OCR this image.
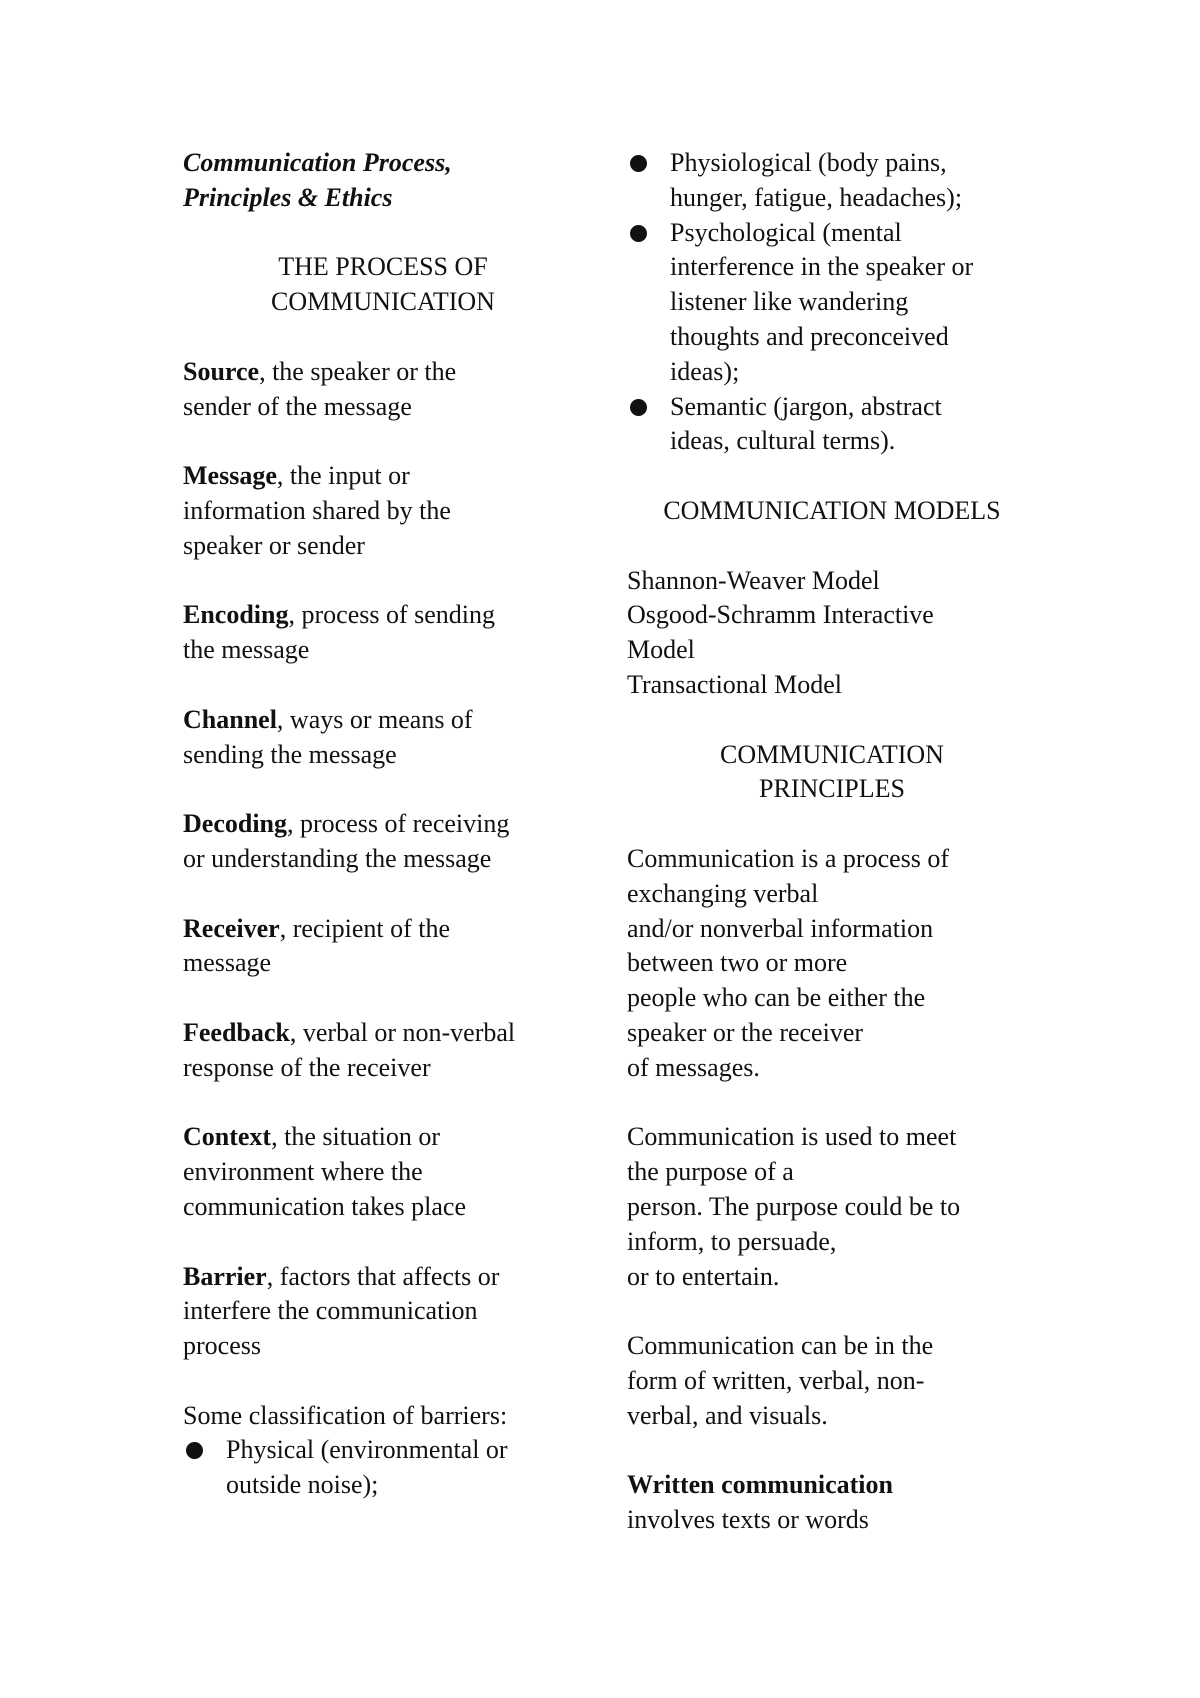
Communication Process,
Principles & Ethics
THE PROCESS OF
COMMUNICATION
Source, the speaker or the
sender of the message
Message, the input or
information shared by the
speaker or sender
Encoding, process of sending
the message
Channel, ways or means of
sending the message
Decoding, process of receiving
or understanding the message
Receiver, recipient of the
message
Feedback, verbal or non-verbal
response of the receiver
Context, the situation or
environment where the
communication takes place
Barrier, factors that affects or
interfere the communication
process
Some classification of barriers:
Physical (environmental or
outside noise);
Physiological (body pains,
hunger, fatigue, headaches);
Psychological (mental
interference in the speaker or
listener like wandering
thoughts and preconceived
ideas);
Semantic (jargon, abstract
ideas, cultural terms).
COMMUNICATION MODELS
Shannon-Weaver Model
Osgood-Schramm Interactive
Model
Transactional Model
COMMUNICATION
PRINCIPLES
Communication is a process of
exchanging verbal
and/or nonverbal information
between two or more
people who can be either the
speaker or the receiver
of messages.
Communication is used to meet
the purpose of a
person. The purpose could be to
inform, to persuade,
or to entertain.
Communication can be in the
form of written, verbal, non-
verbal, and visuals.
Written communication
involves texts or words
